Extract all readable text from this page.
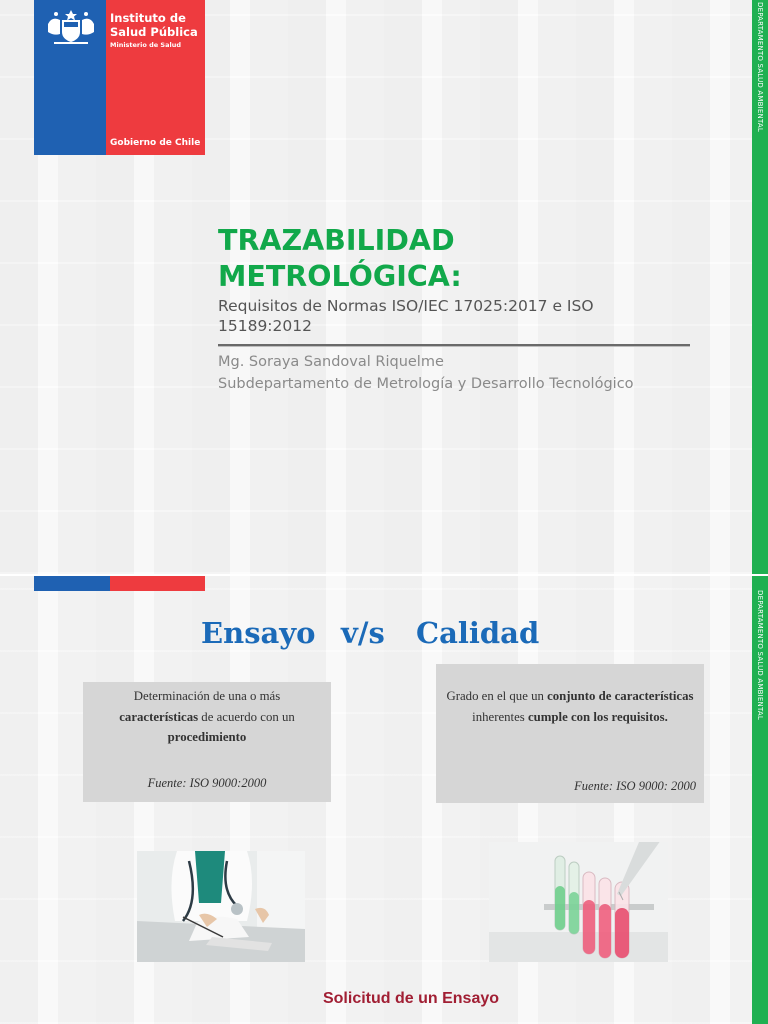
Instituto de
Salud Pública
Ministerio de Salud
Gobierno de Chile
TRAZABILIDAD
METROLÓGICA:
Requisitos de Normas ISO/IEC 17025:2017 e ISO 15189:2012
Mg. Soraya Sandoval Riquelme
Subdepartamento de Metrología y Desarrollo Tecnológico
Ensayo v/s Calidad
Determinación de una o más características de acuerdo con un procedimiento
Fuente: ISO 9000:2000
Grado en el que un conjunto de características inherentes cumple con los requisitos.
Fuente: ISO 9000: 2000
Solicitud de un Ensayo
DEPARTAMENTO SALUD AMBIENTAL
DEPARTAMENTO SALUD AMBIENTAL
